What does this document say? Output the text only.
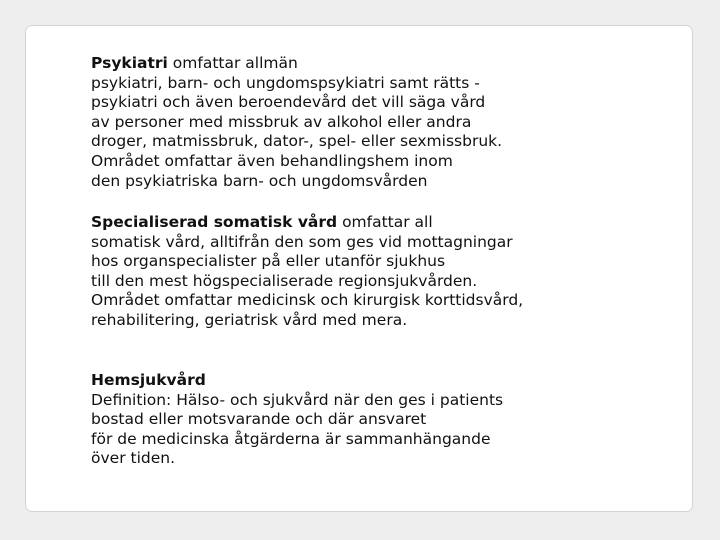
Psykiatri omfattar allmän
psykiatri, barn- och ungdomspsykiatri samt rätts -
psykiatri och även beroendevård det vill säga vård
av personer med missbruk av alkohol eller andra
droger, matmissbruk, dator-, spel- eller sexmissbruk.
Området omfattar även behandlingshem inom
den psykiatriska barn- och ungdomsvården
Specialiserad somatisk vård omfattar all
somatisk vård, alltifrån den som ges vid mottagningar
hos organspecialister på eller utanför sjukhus
till den mest högspecialiserade regionsjukvården.
Området omfattar medicinsk och kirurgisk korttidsvård,
rehabilitering, geriatrisk vård med mera.
Hemsjukvård
Definition: Hälso- och sjukvård när den ges i patients
bostad eller motsvarande och där ansvaret
för de medicinska åtgärderna är sammanhängande
över tiden.
